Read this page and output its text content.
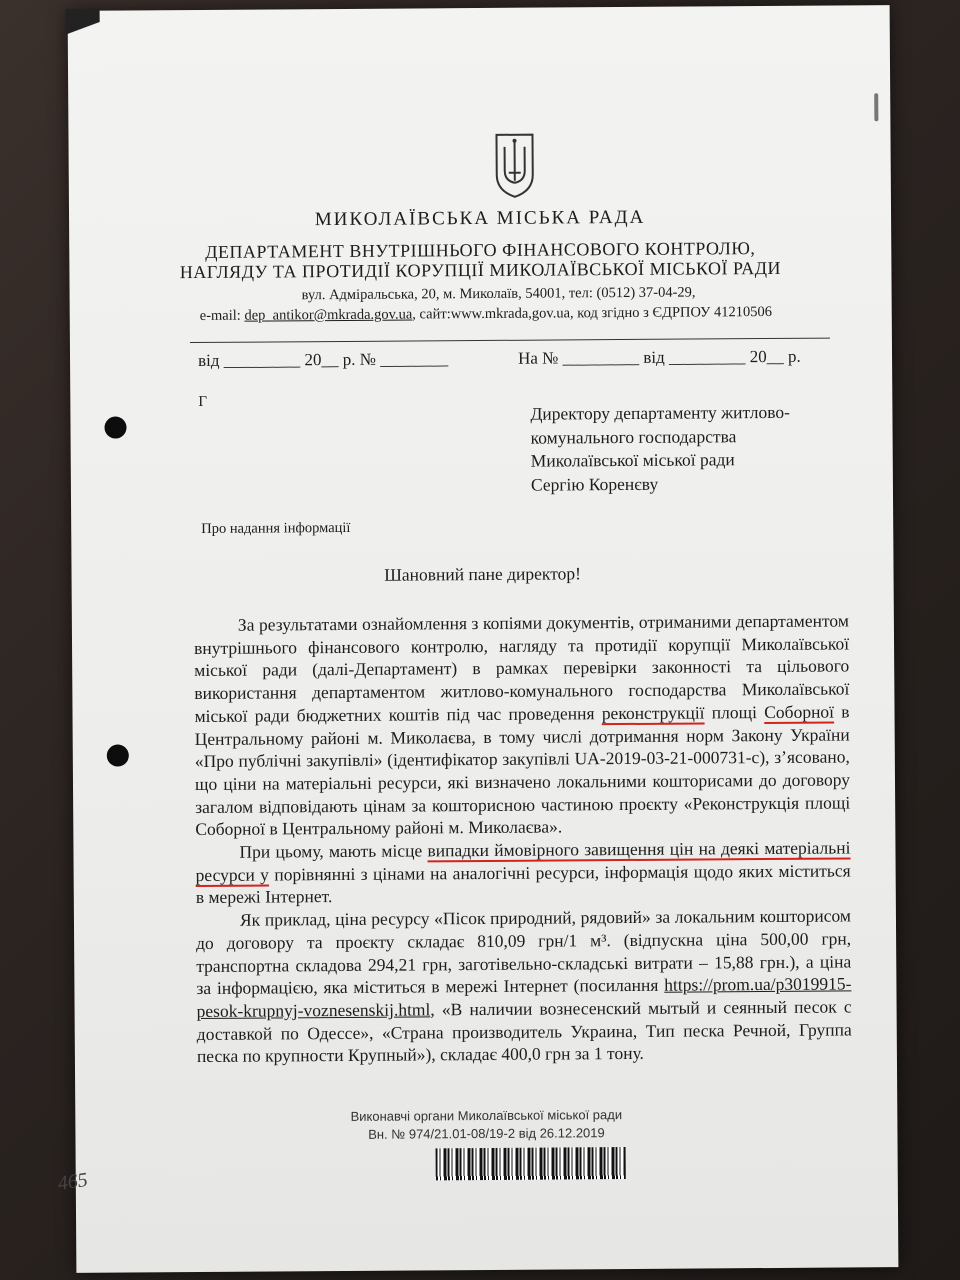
МИКОЛАЇВСЬКА МІСЬКА РАДА
ДЕПАРТАМЕНТ ВНУТРІШНЬОГО ФІНАНСОВОГО КОНТРОЛЮ,
НАГЛЯДУ ТА ПРОТИДІЇ КОРУПЦІЇ МИКОЛАЇВСЬКОЇ МІСЬКОЇ РАДИ
вул. Адміральська, 20, м. Миколаїв, 54001, тел: (0512) 37-04-29,
e-mail: dep_antikor@mkrada.gov.ua, сайт:www.mkrada,gov.ua, код згідно з ЄДРПОУ 41210506
від _________ 20__ р. № ________	На № _________ від _________ 20__ р.
Г	Директору департаменту житлово-
комунального господарства
Миколаївської міської ради
Сергію Коренєву
Про надання інформації
Шановний пане директор!

За результатами ознайомлення з копіями документів, отриманими департаментом внутрішнього фінансового контролю, нагляду та протидії корупції Миколаївської міської ради (далі-Департамент) в рамках перевірки законності та цільового використання департаментом житлово-комунального господарства Миколаївської міської ради бюджетних коштів під час проведення реконструкції площі Соборної в Центральному районі м. Миколаєва, в тому числі дотримання норм Закону України «Про публічні закупівлі» (ідентифікатор закупівлі UA-2019-03-21-000731-c), з’ясовано, що ціни на матеріальні ресурси, які визначено локальними кошторисами до договору загалом відповідають цінам за кошторисною частиною проєкту «Реконструкція площі Соборної в Центральному районі м. Миколаєва».

При цьому, мають місце випадки ймовірного завищення цін на деякі матеріальні ресурси у порівнянні з цінами на аналогічні ресурси, інформація щодо яких міститься в мережі Інтернет.

Як приклад, ціна ресурсу «Пісок природний, рядовий» за локальним кошторисом до договору та проєкту складає 810,09 грн/1 м³. (відпускна ціна 500,00 грн, транспортна складова 294,21 грн, заготівельно-складські витрати – 15,88 грн.), а ціна за інформацією, яка міститься в мережі Інтернет (посилання https://prom.ua/p3019915-pesok-krupnyj-voznesenskij.html, «В наличии вознесенский мытый и сеянный песок с доставкой по Одессе», «Страна производитель Украина, Тип песка Речной, Группа песка по крупности Крупный»), складає 400,0 грн за 1 тону.

Виконавчі органи Миколаївської міської ради
Вн. № 974/21.01-08/19-2 від 26.12.2019
465
